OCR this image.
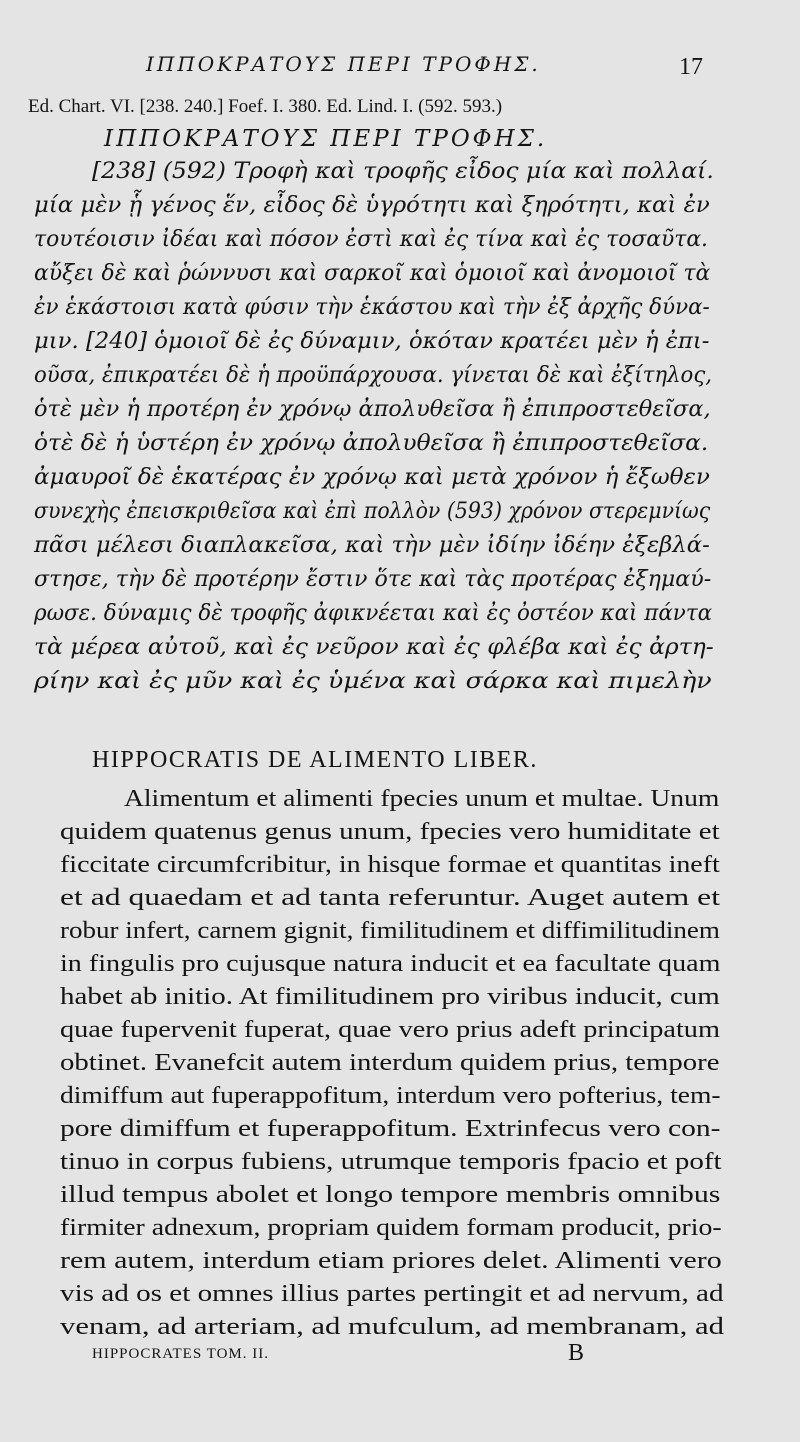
ΙΠΠΟΚΡΑΤΟΥΣ ΠΕΡΙ ΤΡΟΦΗΣ.	17
Ed. Chart. VI. [238. 240.] Foef. I. 380. Ed. Lind. I. (592. 593.)
ΙΠΠΟΚΡΑΤΟΥΣ ΠΕΡΙ ΤΡΟΦΗΣ.
[238] (592) Τροφὴ καὶ τροφῆς εἶδος μία καὶ πολλαί.
μία μὲν ᾗ γένος ἕν, εἶδος δὲ ὑγρότητι καὶ ξηρότητι, καὶ ἐν
τουτέοισιν ἰδέαι καὶ πόσον ἐστὶ καὶ ἐς τίνα καὶ ἐς τοσαῦτα.
αὔξει δὲ καὶ ῥώννυσι καὶ σαρκοῖ καὶ ὁμοιοῖ καὶ ἀνομοιοῖ τὰ
ἐν ἑκάστοισι κατὰ φύσιν τὴν ἑκάστου καὶ τὴν ἐξ ἀρχῆς δύνα-
μιν. [240] ὁμοιοῖ δὲ ἐς δύναμιν, ὁκόταν κρατέει μὲν ἡ ἐπι-
οῦσα, ἐπικρατέει δὲ ἡ προϋπάρχουσα. γίνεται δὲ καὶ ἐξίτηλος,
ὁτὲ μὲν ἡ προτέρη ἐν χρόνῳ ἀπολυθεῖσα ἢ ἐπιπροστεθεῖσα,
ὁτὲ δὲ ἡ ὑστέρη ἐν χρόνῳ ἀπολυθεῖσα ἢ ἐπιπροστεθεῖσα.
ἀμαυροῖ δὲ ἑκατέρας ἐν χρόνῳ καὶ μετὰ χρόνον ἡ ἔξωθεν
συνεχὴς ἐπεισκριθεῖσα καὶ ἐπὶ πολλὸν (593) χρόνον στερεμνίως
πᾶσι μέλεσι διαπλακεῖσα, καὶ τὴν μὲν ἰδίην ἰδέην ἐξεβλά-
στησε, τὴν δὲ προτέρην ἔστιν ὅτε καὶ τὰς προτέρας ἐξημαύ-
ρωσε. δύναμις δὲ τροφῆς ἀφικνέεται καὶ ἐς ὀστέον καὶ πάντα
τὰ μέρεα αὐτοῦ, καὶ ἐς νεῦρον καὶ ἐς φλέβα καὶ ἐς ἀρτη-
ρίην καὶ ἐς μῦν καὶ ἐς ὑμένα καὶ σάρκα καὶ πιμελὴν
HIPPOCRATIS DE ALIMENTO LIBER.
Alimentum et alimenti fpecies unum et multae. Unum
quidem quatenus genus unum, fpecies vero humiditate et
ficcitate circumfcribitur, in hisque formae et quantitas ineft
et ad quaedam et ad tanta referuntur. Auget autem et
robur infert, carnem gignit, fimilitudinem et diffimilitudinem
in fingulis pro cujusque natura inducit et ea facultate quam
habet ab initio. At fimilitudinem pro viribus inducit, cum
quae fupervenit fuperat, quae vero prius adeft principatum
obtinet. Evanefcit autem interdum quidem prius, tempore
dimiffum aut fuperappofitum, interdum vero pofterius, tem-
pore dimiffum et fuperappofitum. Extrinfecus vero con-
tinuo in corpus fubiens, utrumque temporis fpacio et poft
illud tempus abolet et longo tempore membris omnibus
firmiter adnexum, propriam quidem formam producit, prio-
rem autem, interdum etiam priores delet. Alimenti vero
vis ad os et omnes illius partes pertingit et ad nervum, ad
venam, ad arteriam, ad mufculum, ad membranam, ad
HIPPOCRATES TOM. II.	B
